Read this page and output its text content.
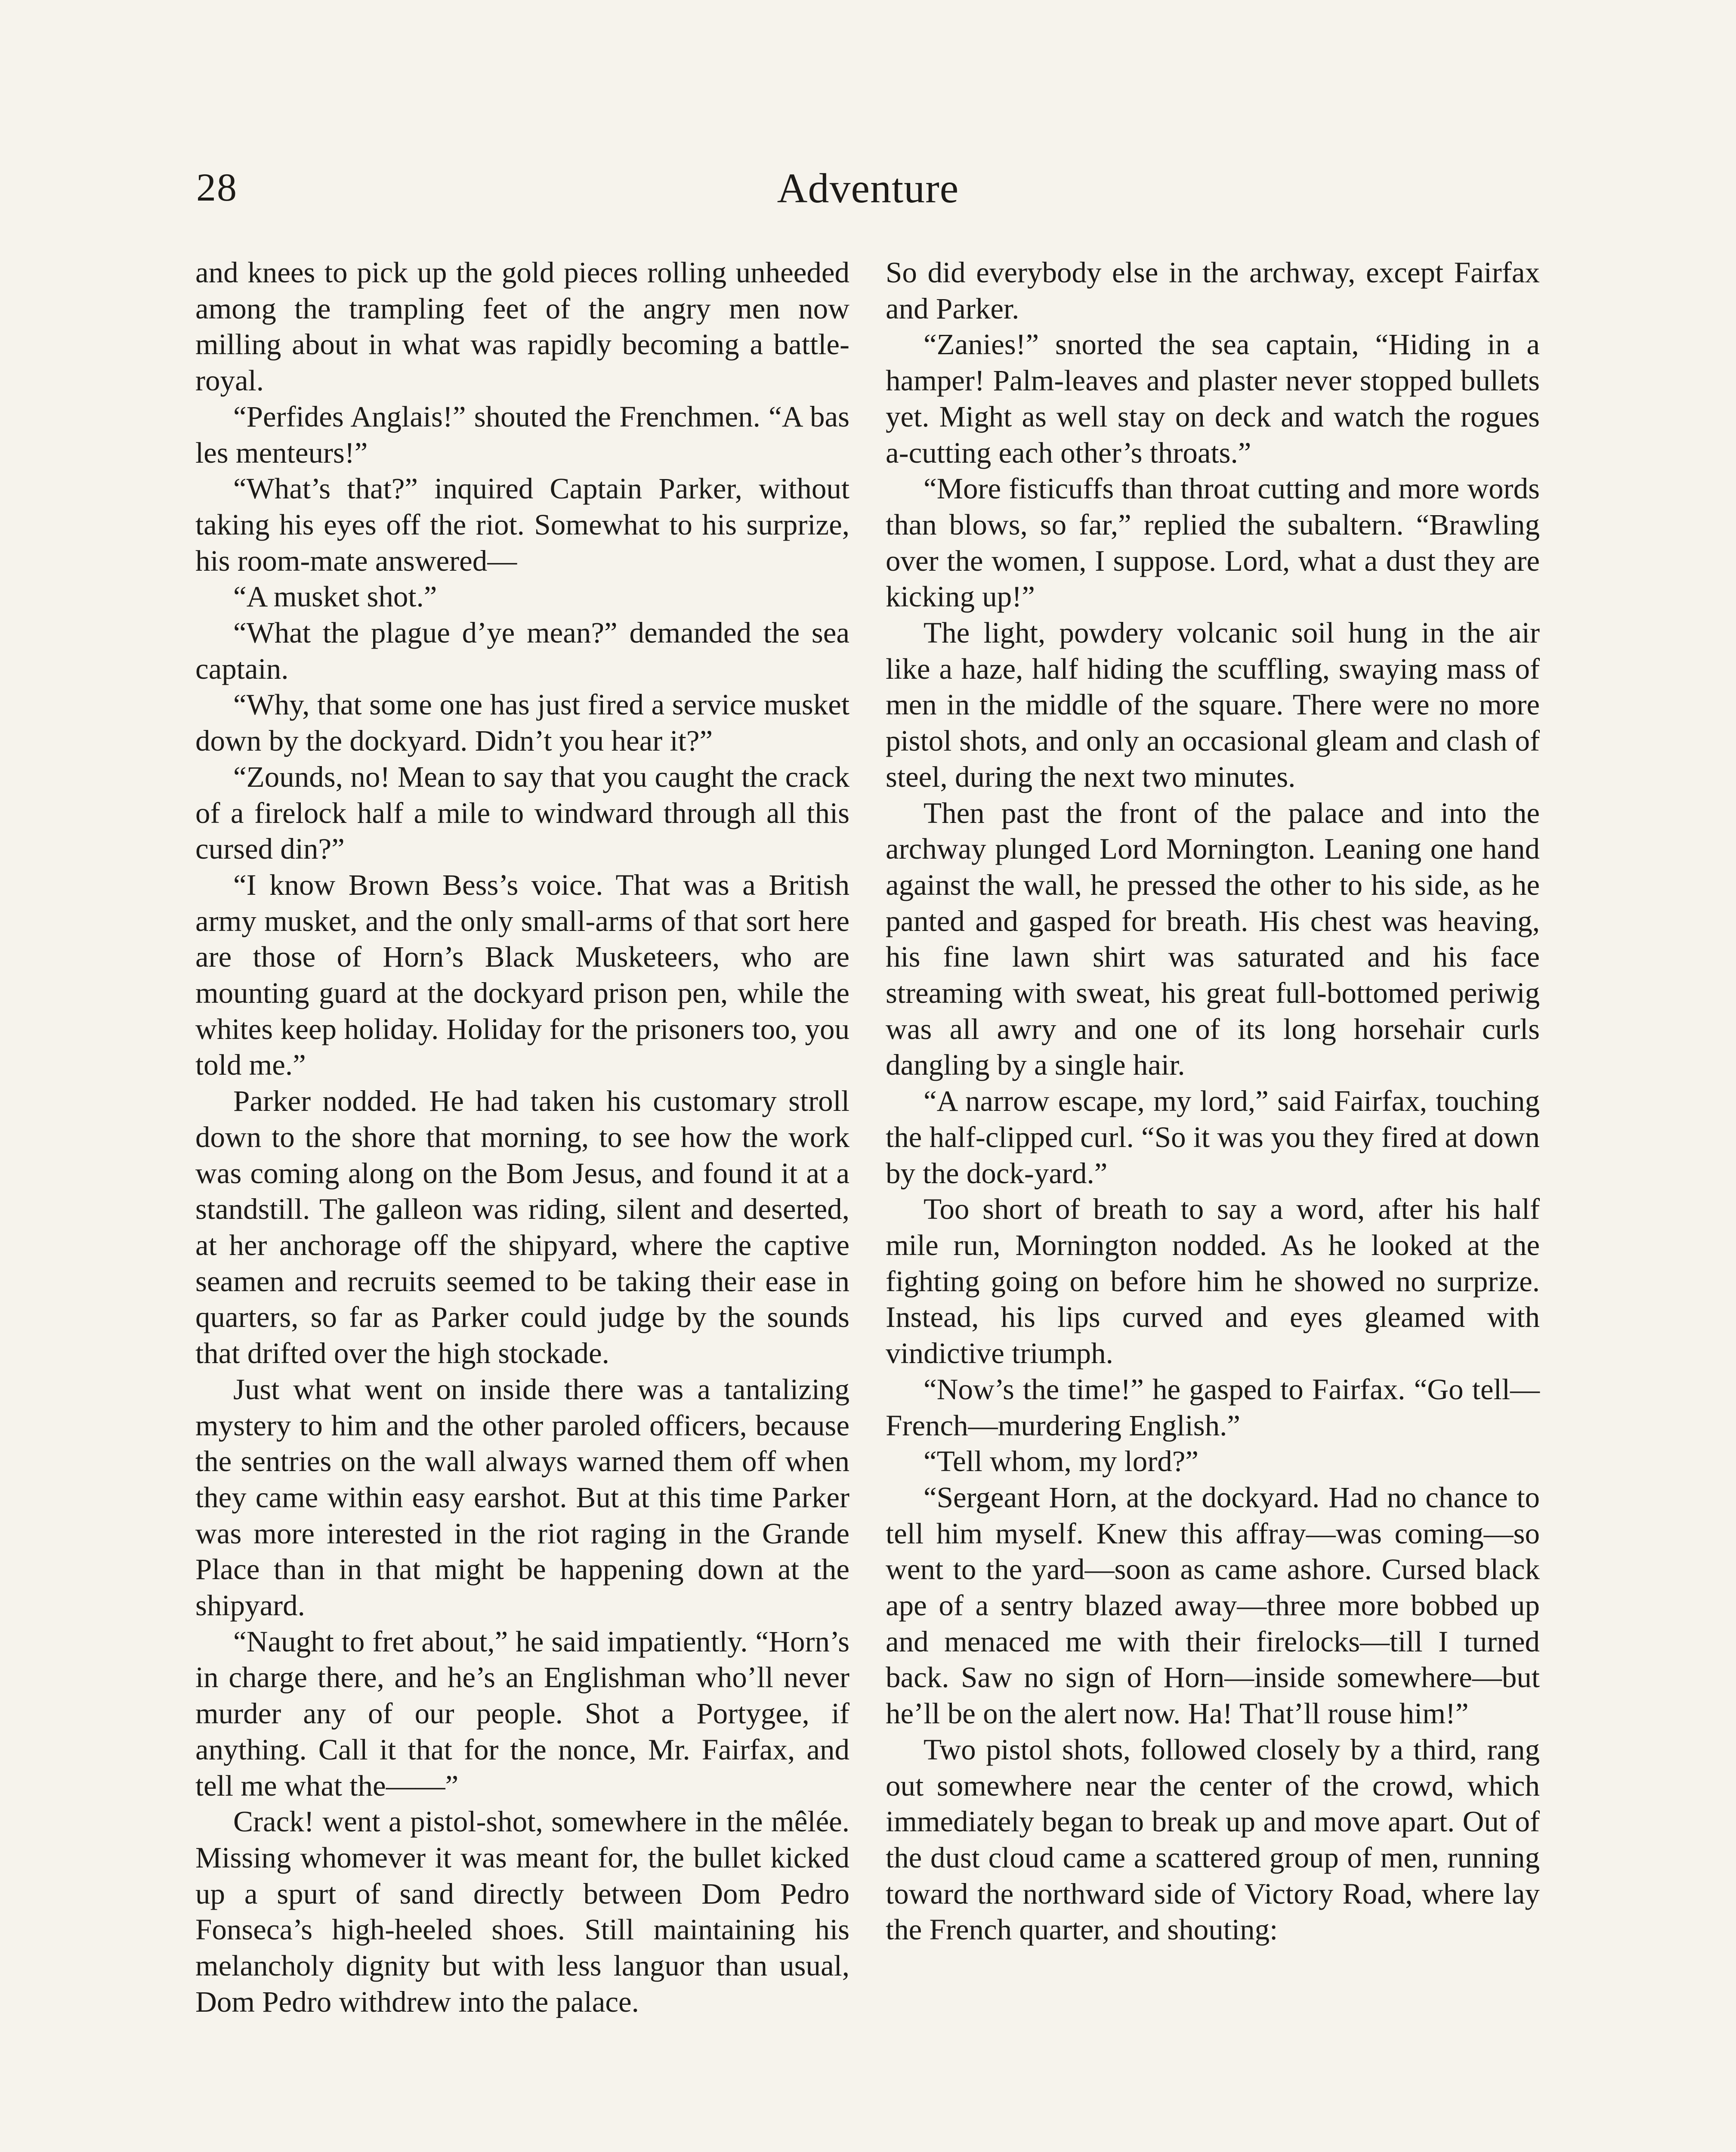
28	Adventure

and knees to pick up the gold pieces rolling unheeded among the trampling feet of the angry men now milling about in what was rapidly becoming a battle-royal.

“Perfides Anglais!” shouted the Frenchmen. “A bas les menteurs!”

“What’s that?” inquired Captain Parker, without taking his eyes off the riot. Somewhat to his surprize, his room-mate answered—

“A musket shot.”

“What the plague d’ye mean?” demanded the sea captain.

“Why, that some one has just fired a service musket down by the dockyard. Didn’t you hear it?”

“Zounds, no! Mean to say that you caught the crack of a firelock half a mile to windward through all this cursed din?”

“I know Brown Bess’s voice. That was a British army musket, and the only small-arms of that sort here are those of Horn’s Black Musketeers, who are mounting guard at the dockyard prison pen, while the whites keep holiday. Holiday for the prisoners too, you told me.”

Parker nodded. He had taken his customary stroll down to the shore that morning, to see how the work was coming along on the Bom Jesus, and found it at a standstill. The galleon was riding, silent and deserted, at her anchorage off the shipyard, where the captive seamen and recruits seemed to be taking their ease in quarters, so far as Parker could judge by the sounds that drifted over the high stockade.

Just what went on inside there was a tantalizing mystery to him and the other paroled officers, because the sentries on the wall always warned them off when they came within easy earshot. But at this time Parker was more interested in the riot raging in the Grande Place than in that might be happening down at the shipyard.

“Naught to fret about,” he said impatiently. “Horn’s in charge there, and he’s an Englishman who’ll never murder any of our people. Shot a Portygee, if anything. Call it that for the nonce, Mr. Fairfax, and tell me what the——”

Crack! went a pistol-shot, somewhere in the mêlée. Missing whomever it was meant for, the bullet kicked up a spurt of sand directly between Dom Pedro Fonseca’s high-heeled shoes. Still maintaining his melancholy dignity but with less languor than usual, Dom Pedro withdrew into the palace.

So did everybody else in the archway, except Fairfax and Parker.

“Zanies!” snorted the sea captain, “Hiding in a hamper! Palm-leaves and plaster never stopped bullets yet. Might as well stay on deck and watch the rogues a-cutting each other’s throats.”

“More fisticuffs than throat cutting and more words than blows, so far,” replied the subaltern. “Brawling over the women, I suppose. Lord, what a dust they are kicking up!”

The light, powdery volcanic soil hung in the air like a haze, half hiding the scuffling, swaying mass of men in the middle of the square. There were no more pistol shots, and only an occasional gleam and clash of steel, during the next two minutes.

Then past the front of the palace and into the archway plunged Lord Mornington. Leaning one hand against the wall, he pressed the other to his side, as he panted and gasped for breath. His chest was heaving, his fine lawn shirt was saturated and his face streaming with sweat, his great full-bottomed periwig was all awry and one of its long horsehair curls dangling by a single hair.

“A narrow escape, my lord,” said Fairfax, touching the half-clipped curl. “So it was you they fired at down by the dock-yard.”

Too short of breath to say a word, after his half mile run, Mornington nodded. As he looked at the fighting going on before him he showed no surprize. Instead, his lips curved and eyes gleamed with vindictive triumph.

“Now’s the time!” he gasped to Fairfax. “Go tell—French—murdering English.”

“Tell whom, my lord?”

“Sergeant Horn, at the dockyard. Had no chance to tell him myself. Knew this affray—was coming—so went to the yard—soon as came ashore. Cursed black ape of a sentry blazed away—three more bobbed up and menaced me with their firelocks—till I turned back. Saw no sign of Horn—inside somewhere—but he’ll be on the alert now. Ha! That’ll rouse him!”

Two pistol shots, followed closely by a third, rang out somewhere near the center of the crowd, which immediately began to break up and move apart. Out of the dust cloud came a scattered group of men, running toward the northward side of Victory Road, where lay the French quarter, and shouting:
